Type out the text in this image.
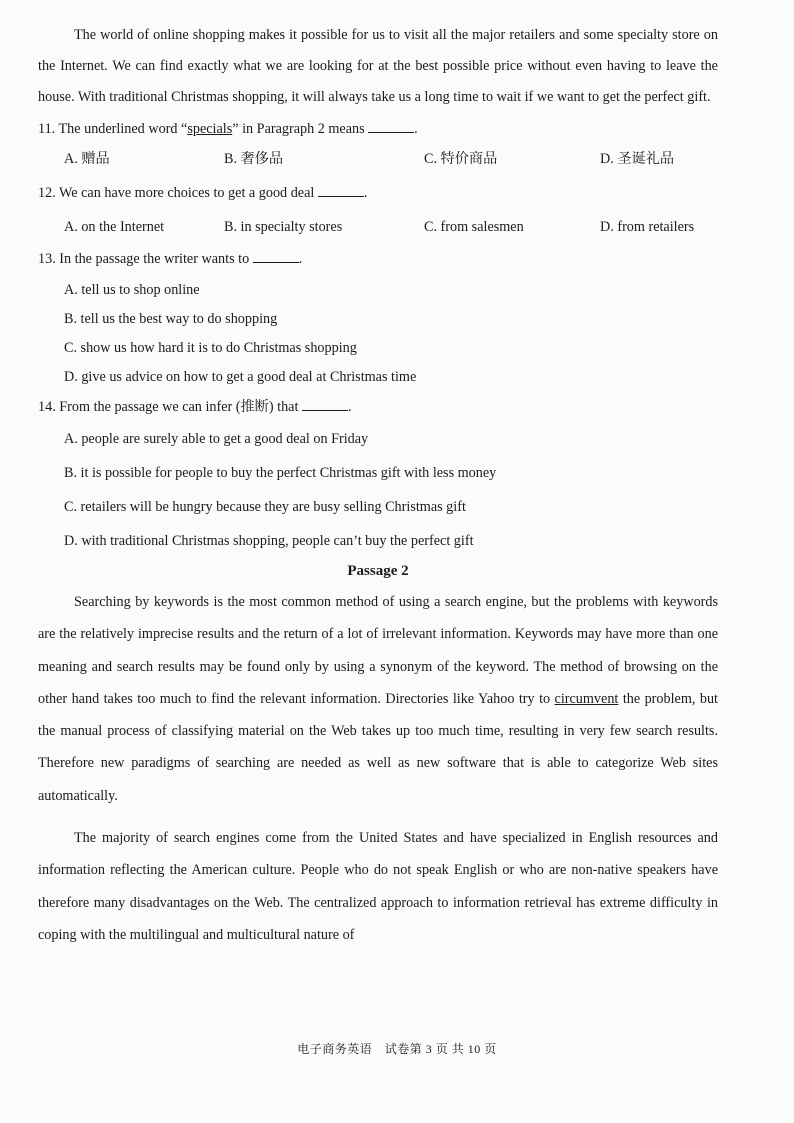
The world of online shopping makes it possible for us to visit all the major retailers and some specialty store on the Internet. We can find exactly what we are looking for at the best possible price without even having to leave the house. With traditional Christmas shopping, it will always take us a long time to wait if we want to get the perfect gift.

11. The underlined word “specials” in Paragraph 2 means	.

A. 赠品	B. 奢侈品	C. 特价商品	D. 圣诞礼品

12. We can have more choices to get a good deal	.

A. on the Internet	B. in specialty stores	C. from salesmen	D. from retailers

13. In the passage the writer wants to	.

A. tell us to shop online

B. tell us the best way to do shopping

C. show us how hard it is to do Christmas shopping

D. give us advice on how to get a good deal at Christmas time

14. From the passage we can infer (推断) that	.

A. people are surely able to get a good deal on Friday

B. it is possible for people to buy the perfect Christmas gift with less money

C. retailers will be hungry because they are busy selling Christmas gift

D. with traditional Christmas shopping, people can’t buy the perfect gift

Passage 2

Searching by keywords is the most common method of using a search engine, but the problems with keywords are the relatively imprecise results and the return of a lot of irrelevant information. Keywords may have more than one meaning and search results may be found only by using a synonym of the keyword. The method of browsing on the other hand takes too much to find the relevant information. Directories like Yahoo try to circumvent the problem, but the manual process of classifying material on the Web takes up too much time, resulting in very few search results. Therefore new paradigms of searching are needed as well as new software that is able to categorize Web sites automatically.

The majority of search engines come from the United States and have specialized in English resources and information reflecting the American culture. People who do not speak English or who are non-native speakers have therefore many disadvantages on the Web. The centralized approach to information retrieval has extreme difficulty in coping with the multilingual and multicultural nature of

电子商务英语　试卷第 3 页 共 10 页
